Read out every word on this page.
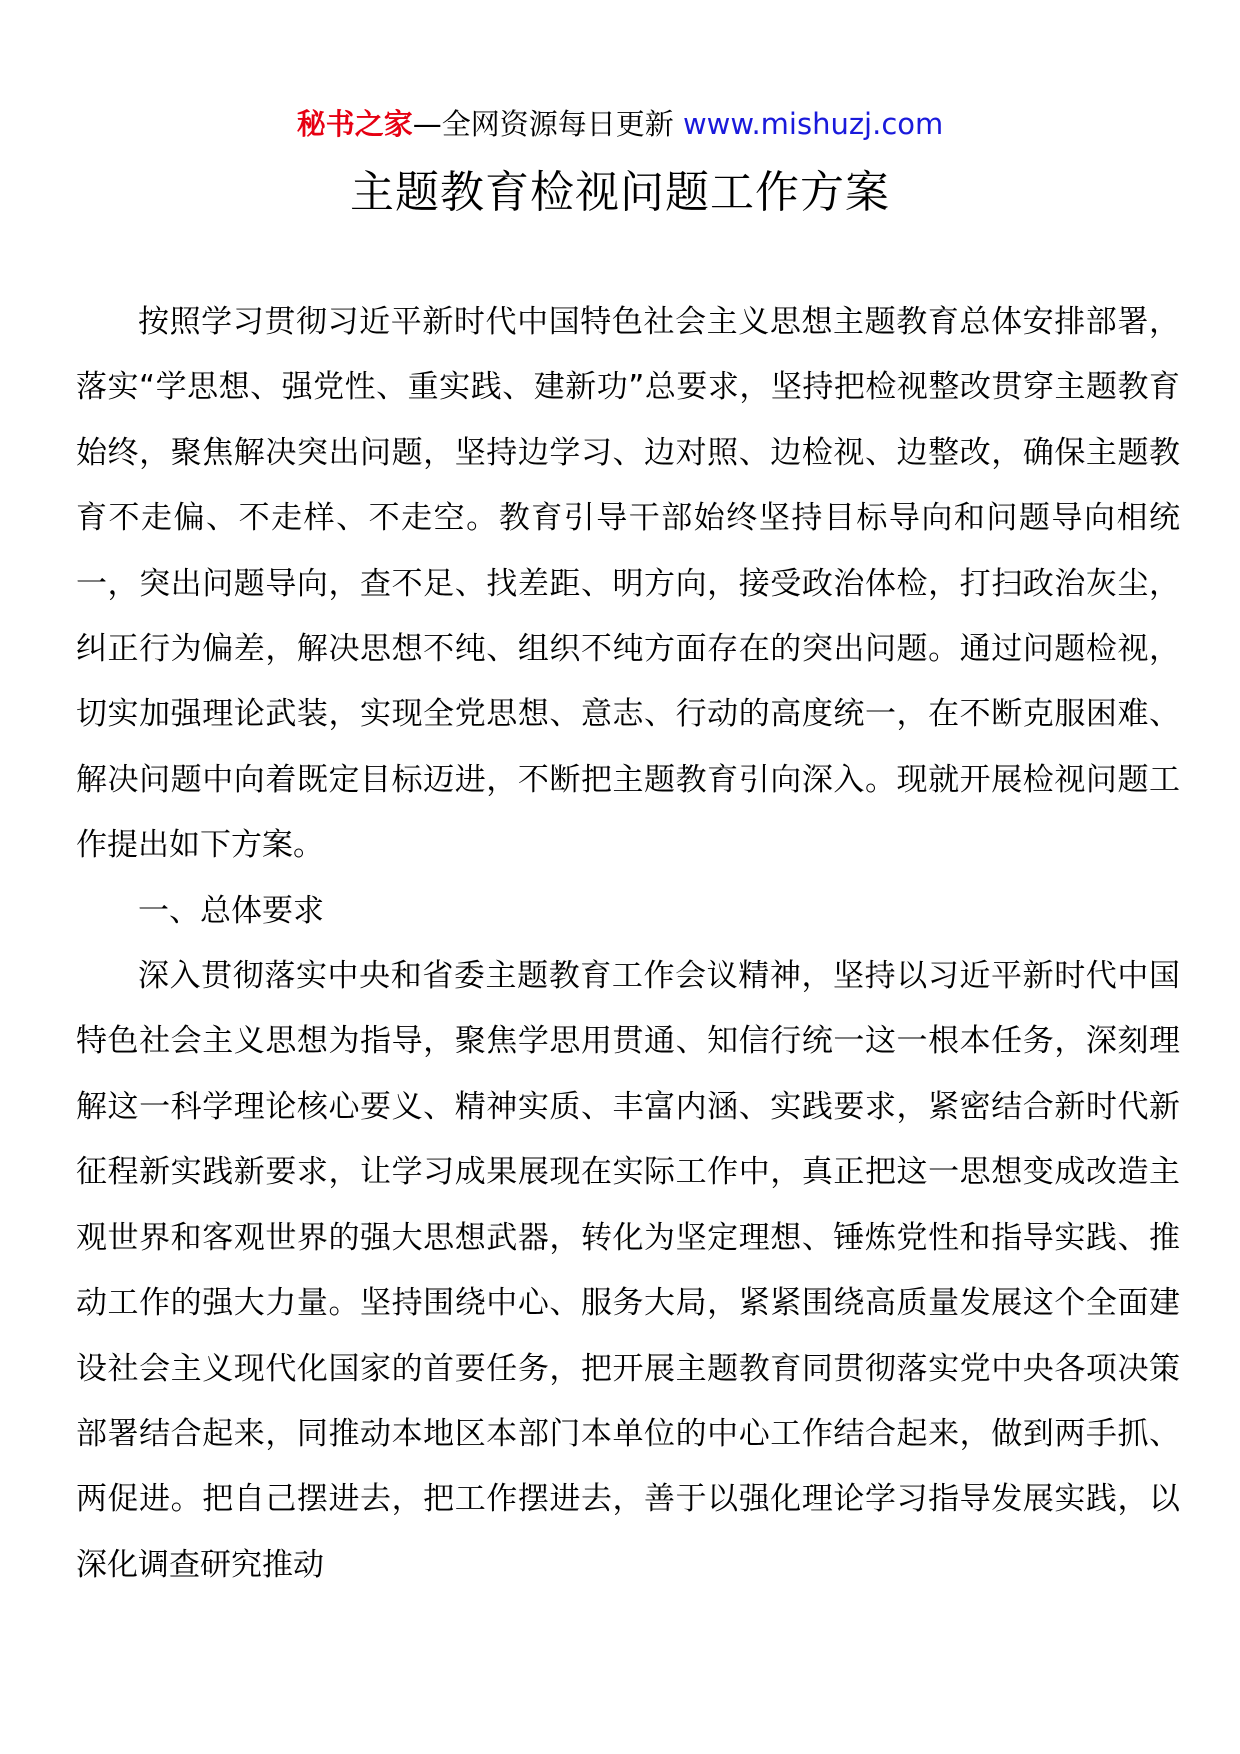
秘书之家—全网资源每日更新 www.mishuzj.com
主题教育检视问题工作方案

按照学习贯彻习近平新时代中国特色社会主义思想主题教育总体安排部署，落实“学思想、强党性、重实践、建新功”总要求，坚持把检视整改贯穿主题教育始终，聚焦解决突出问题，坚持边学习、边对照、边检视、边整改，确保主题教育不走偏、不走样、不走空。教育引导干部始终坚持目标导向和问题导向相统一，突出问题导向，查不足、找差距、明方向，接受政治体检，打扫政治灰尘，纠正行为偏差，解决思想不纯、组织不纯方面存在的突出问题。通过问题检视，切实加强理论武装，实现全党思想、意志、行动的高度统一，在不断克服困难、解决问题中向着既定目标迈进，不断把主题教育引向深入。现就开展检视问题工作提出如下方案。

一、总体要求

深入贯彻落实中央和省委主题教育工作会议精神，坚持以习近平新时代中国特色社会主义思想为指导，聚焦学思用贯通、知信行统一这一根本任务，深刻理解这一科学理论核心要义、精神实质、丰富内涵、实践要求，紧密结合新时代新征程新实践新要求，让学习成果展现在实际工作中，真正把这一思想变成改造主观世界和客观世界的强大思想武器，转化为坚定理想、锤炼党性和指导实践、推动工作的强大力量。坚持围绕中心、服务大局，紧紧围绕高质量发展这个全面建设社会主义现代化国家的首要任务，把开展主题教育同贯彻落实党中央各项决策部署结合起来，同推动本地区本部门本单位的中心工作结合起来，做到两手抓、两促进。把自己摆进去，把工作摆进去，善于以强化理论学习指导发展实践，以深化调查研究推动
